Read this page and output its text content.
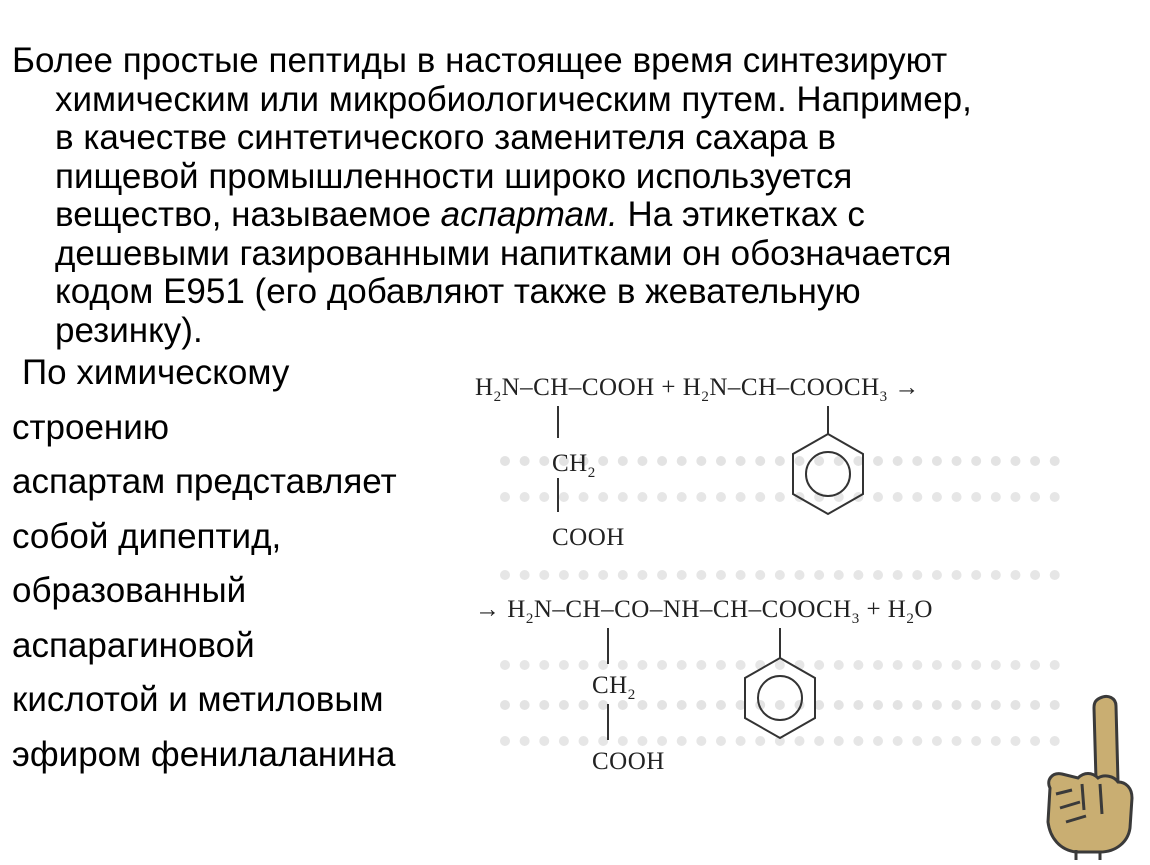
Более простые пептиды в настоящее время синтезируют
химическим или микробиологическим путем. Например,
в качестве синтетического заменителя сахара в
пищевой промышленности широко используется
вещество, называемое аспартам. На этикетках с
дешевыми газированными напитками он обозначается
кодом Е951 (его добавляют также в жевательную
резинку).
По химическому
строению
аспартам представляет
собой дипептид,
образованный
аспарагиновой
кислотой и метиловым
эфиром фенилаланина
$H_2N-CH$–COOH + $H_2N-CH-COOCH_3$ →
$CH_2$
COOH
→ $H_2N-CH-CO-NH-CH-COOCH_3 + H_2O$
$CH_2$
COOH
